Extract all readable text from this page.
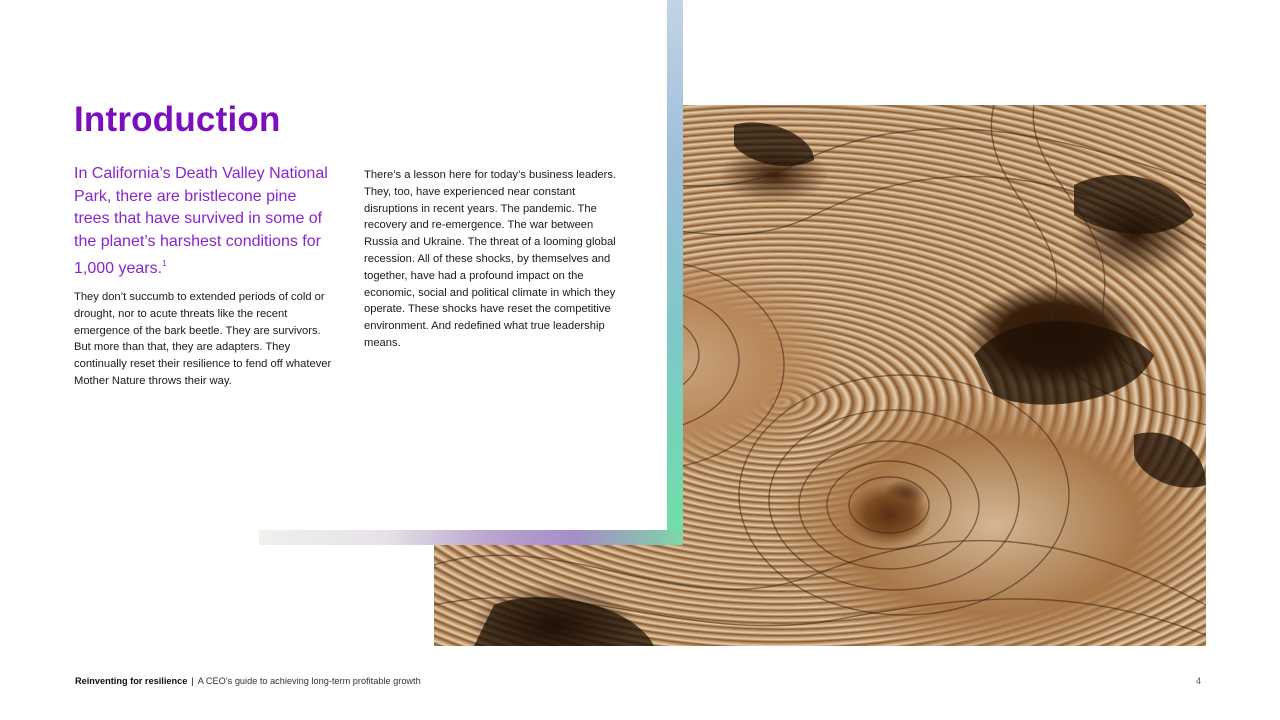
Introduction

In California’s Death Valley National Park, there are bristlecone pine trees that have survived in some of the planet’s harshest conditions for 1,000 years.$^1$

They don’t succumb to extended periods of cold or drought, nor to acute threats like the recent emergence of the bark beetle. They are survivors. But more than that, they are adapters. They continually reset their resilience to fend off whatever Mother Nature throws their way.

There’s a lesson here for today’s business leaders. They, too, have experienced near constant disruptions in recent years. The pandemic. The recovery and re-emergence. The war between Russia and Ukraine. The threat of a looming global recession. All of these shocks, by themselves and together, have had a profound impact on the economic, social and political climate in which they operate. These shocks have reset the competitive environment. And redefined what true leadership means.

Reinventing for resilience | A CEO’s guide to achieving long-term profitable growth	4
